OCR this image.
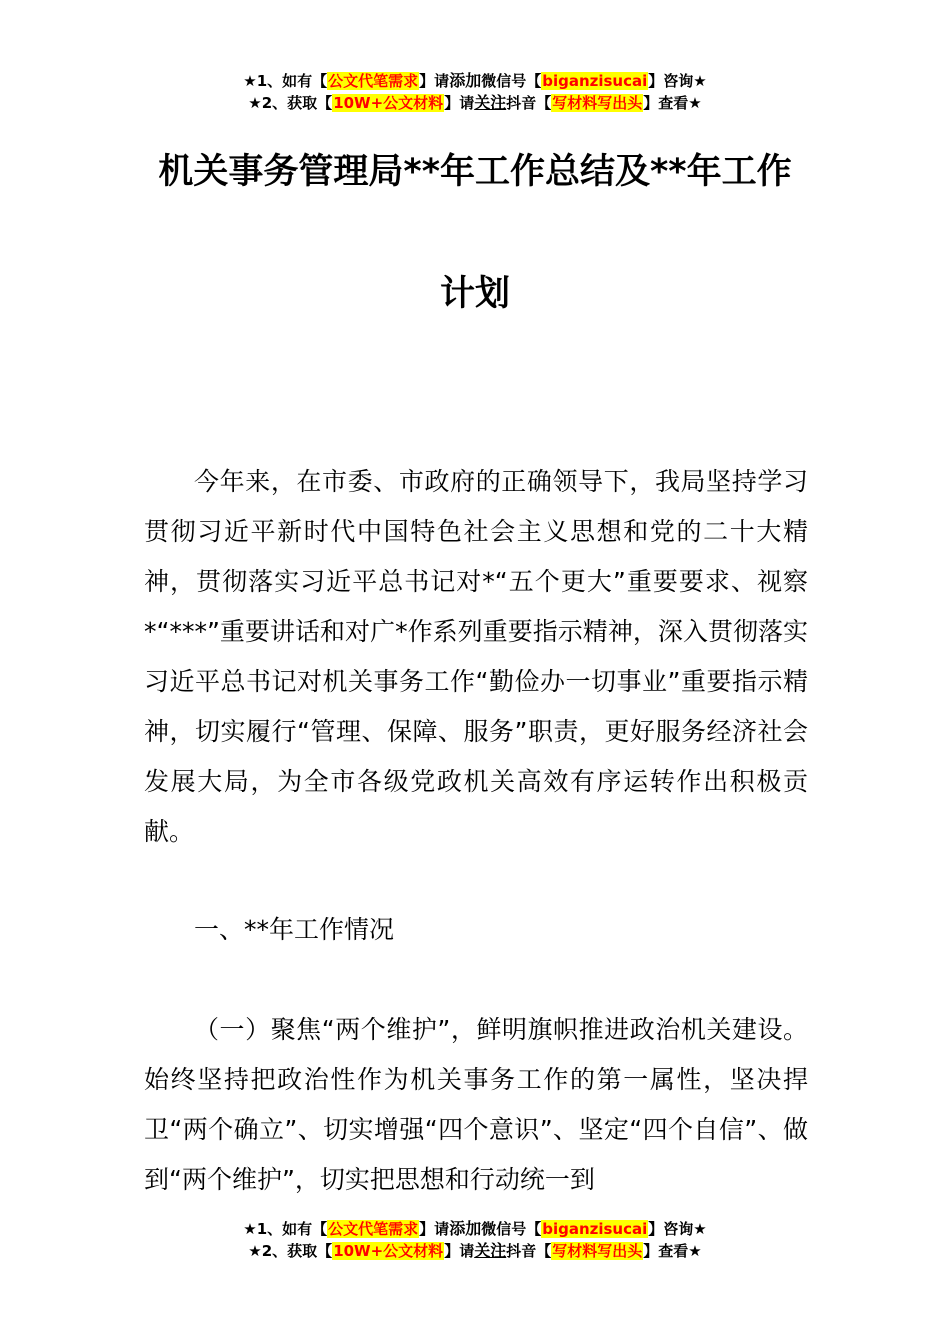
★1、如有【公文代笔需求】请添加微信号【biganzisucai】咨询★
★2、获取【10W+公文材料】请关注抖音【写材料写出头】查看★
机关事务管理局**年工作总结及**年工作
计划

今年来，在市委、市政府的正确领导下，我局坚持学习贯彻习近平新时代中国特色社会主义思想和党的二十大精神，贯彻落实习近平总书记对*“五个更大”重要要求、视察*“***”重要讲话和对广*作系列重要指示精神，深入贯彻落实习近平总书记对机关事务工作“勤俭办一切事业”重要指示精神，切实履行“管理、保障、服务”职责，更好服务经济社会发展大局，为全市各级党政机关高效有序运转作出积极贡献。

一、**年工作情况

（一）聚焦“两个维护”，鲜明旗帜推进政治机关建设。始终坚持把政治性作为机关事务工作的第一属性，坚决捍卫“两个确立”、切实增强“四个意识”、坚定“四个自信”、做到“两个维护”，切实把思想和行动统一到

★1、如有【公文代笔需求】请添加微信号【biganzisucai】咨询★
★2、获取【10W+公文材料】请关注抖音【写材料写出头】查看★
